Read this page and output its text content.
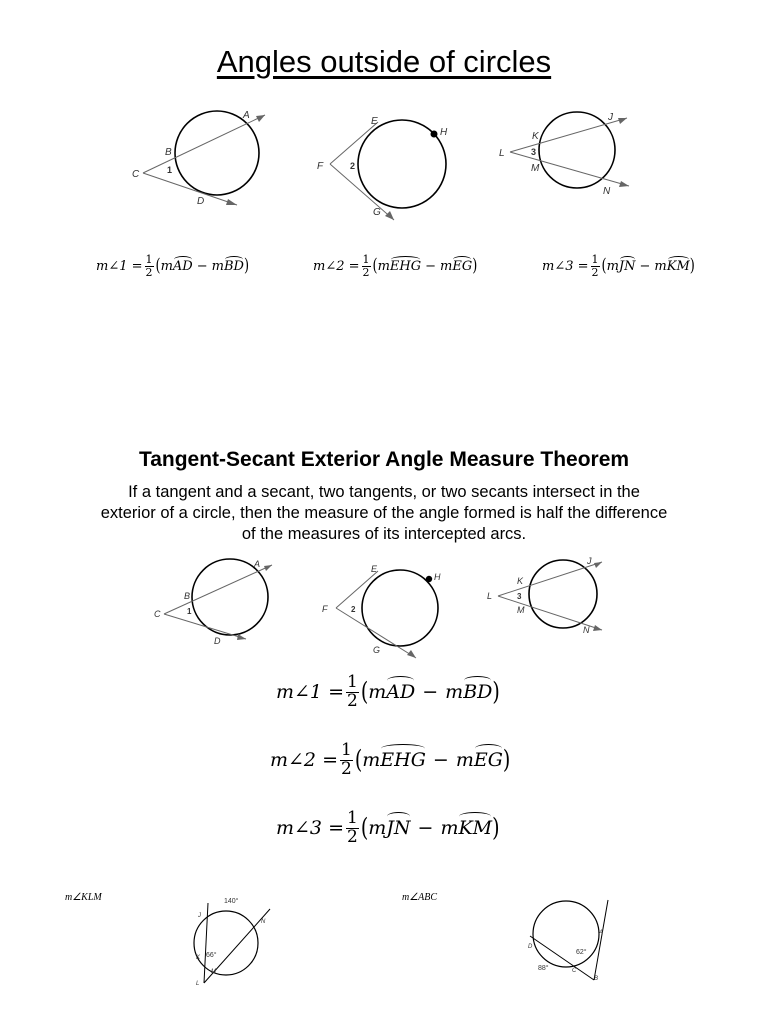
Angles outside of circles
A
B
C	1
D
E
H
F	2
G
J
K
L	3
M
N
m∠1 = $\frac{1}{2}$ ( m AD − m BD )	m∠2 = $\frac{1}{2}$ ( m EHG − m EG )	m∠3 = $\frac{1}{2}$ ( m JN − m KM )
Tangent-Secant Exterior Angle Measure Theorem
If a tangent and a secant, two tangents, or two secants intersect in the exterior of a circle, then the measure of the angle formed is half the difference of the measures of its intercepted arcs.
A
B
C	1
D
E
H
F	2
G
J
K
L	3
M
N
m∠1 = $\frac{1}{2}$ ( m AD − m BD )
m∠2 = $\frac{1}{2}$ ( m EHG − m EG )
m∠3 = $\frac{1}{2}$ ( m JN − m KM )
m∠KLM	140°
J
N
K 66°
M
L
m∠ABC
D
A
62°
88°	C
B
